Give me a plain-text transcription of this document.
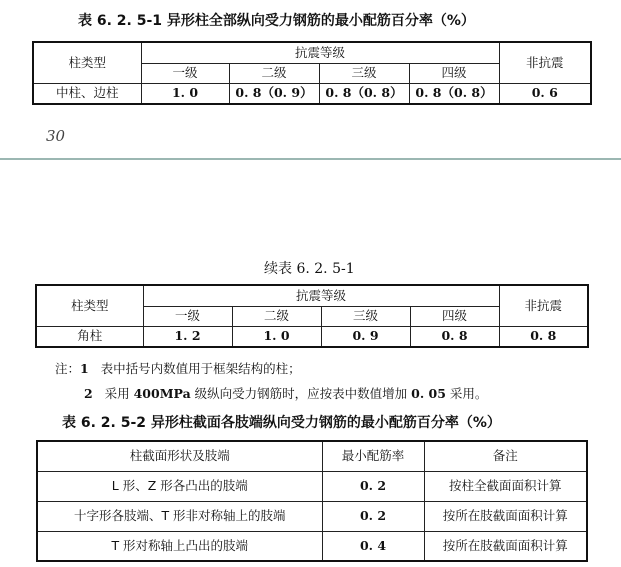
表 6. 2. 5-1 异形柱全部纵向受力钢筋的最小配筋百分率（%）
柱类型	抗震等级				非抗震
	一级	二级	三级	四级	
中柱、边柱	1. 0	0. 8（0. 9）	0. 8（0. 8）	0. 8（0. 8）	0. 6
30
续表 6. 2. 5-1
柱类型	抗震等级				非抗震
	一级	二级	三级	四级	
角柱	1. 2	1. 0	0. 9	0. 8	0. 8
注：1 表中括号内数值用于框架结构的柱；
2 采用 400MPa 级纵向受力钢筋时，应按表中数值增加 0. 05 采用。
表 6. 2. 5-2 异形柱截面各肢端纵向受力钢筋的最小配筋百分率（%）
柱截面形状及肢端	最小配筋率	备注
L 形、Z 形各凸出的肢端	0. 2	按柱全截面面积计算
十字形各肢端、T 形非对称轴上的肢端	0. 2	按所在肢截面面积计算
T 形对称轴上凸出的肢端	0. 4	按所在肢截面面积计算
